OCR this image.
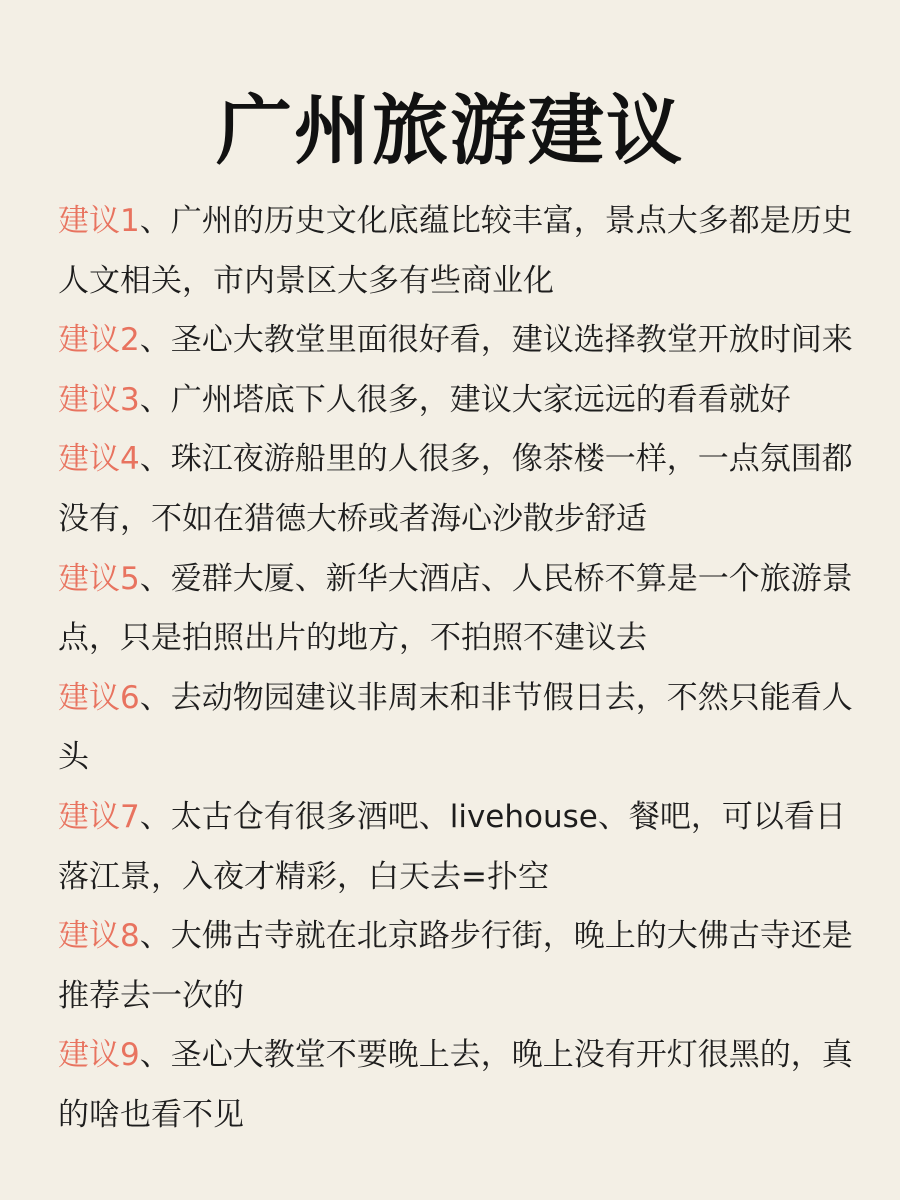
广州旅游建议
建议1、广州的历史文化底蕴比较丰富，景点大多都是历史
人文相关，市内景区大多有些商业化
建议2、圣心大教堂里面很好看，建议选择教堂开放时间来
建议3、广州塔底下人很多，建议大家远远的看看就好
建议4、珠江夜游船里的人很多，像茶楼一样，一点氛围都
没有，不如在猎德大桥或者海心沙散步舒适
建议5、爱群大厦、新华大酒店、人民桥不算是一个旅游景
点，只是拍照出片的地方，不拍照不建议去
建议6、去动物园建议非周末和非节假日去，不然只能看人
头
建议7、太古仓有很多酒吧、livehouse、餐吧，可以看日
落江景，入夜才精彩，白天去=扑空
建议8、大佛古寺就在北京路步行街，晚上的大佛古寺还是
推荐去一次的
建议9、圣心大教堂不要晚上去，晚上没有开灯很黑的，真
的啥也看不见
